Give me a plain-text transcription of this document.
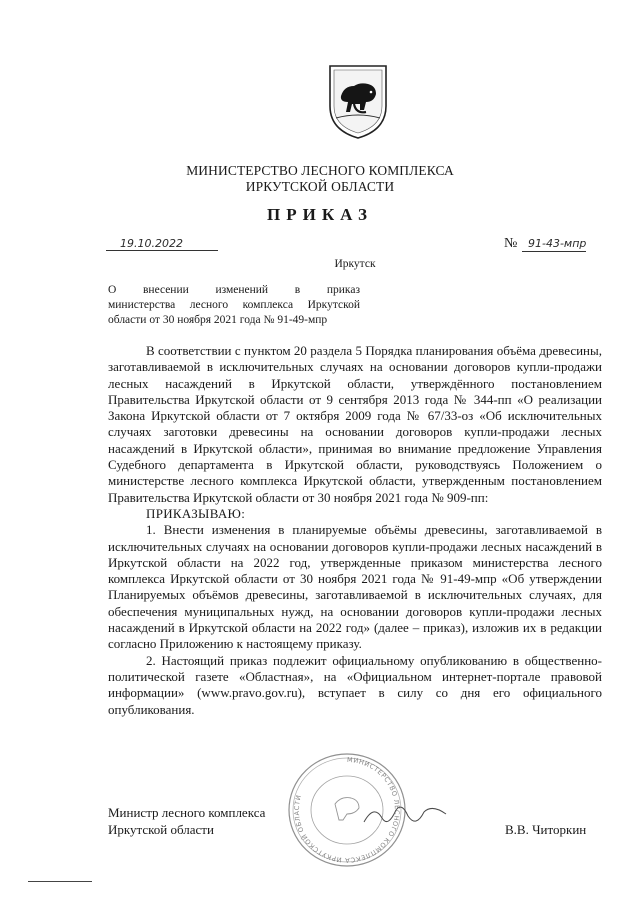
МИНИСТЕРСТВО ЛЕСНОГО КОМПЛЕКСА
ИРКУТСКОЙ ОБЛАСТИ
ПРИКАЗ
19.10.2022	№ 91-43-мпр
Иркутск
О внесении изменений в приказ
министерства лесного комплекса Иркутской области от 30 ноября 2021 года № 91-49-мпр

В соответствии с пунктом 20 раздела 5 Порядка планирования объёма древесины, заготавливаемой в исключительных случаях на основании договоров купли-продажи лесных насаждений в Иркутской области, утверждённого постановлением Правительства Иркутской области от 9 сентября 2013 года № 344-пп «О реализации Закона Иркутской области от 7 октября 2009 года № 67/33-оз «Об исключительных случаях заготовки древесины на основании договоров купли-продажи лесных насаждений в Иркутской области», принимая во внимание предложение Управления Судебного департамента в Иркутской области, руководствуясь Положением о министерстве лесного комплекса Иркутской области, утвержденным постановлением Правительства Иркутской области от 30 ноября 2021 года № 909-пп:

ПРИКАЗЫВАЮ:

1. Внести изменения в планируемые объёмы древесины, заготавливаемой в исключительных случаях на основании договоров купли-продажи лесных насаждений в Иркутской области на 2022 год, утвержденные приказом министерства лесного комплекса Иркутской области от 30 ноября 2021 года № 91-49-мпр «Об утверждении Планируемых объёмов древесины, заготавливаемой в исключительных случаях, для обеспечения муниципальных нужд, на основании договоров купли-продажи лесных насаждений в Иркутской области на 2022 год» (далее – приказ), изложив их в редакции согласно Приложению к настоящему приказу.

2. Настоящий приказ подлежит официальному опубликованию в общественно-политической газете «Областная», на «Официальном интернет-портале правовой информации» (www.pravo.gov.ru), вступает в силу со дня его официального опубликования.

МИНИСТЕРСТВО ЛЕСНОГО КОМПЛЕКСА ИРКУТСКОЙ ОБЛАСТИ
Министр лесного комплекса
Иркутской области	В.В. Читоркин
